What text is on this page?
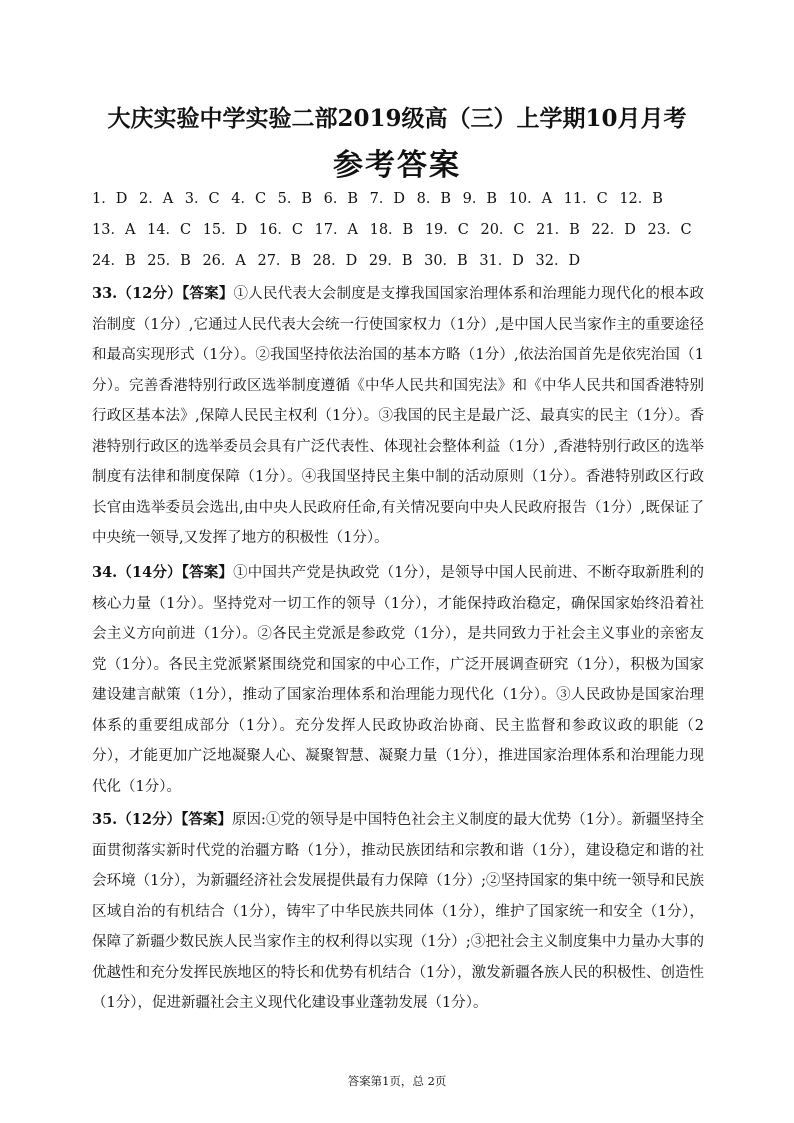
大庆实验中学实验二部2019级高（三）上学期10月月考
参考答案
1．D 2．A 3．C 4．C 5．B 6．B 7．D 8．B 9．B 10．A 11．C 12．B
13．A 14．C 15．D 16．C 17．A 18．B 19．C 20．C 21．B 22．D 23．C
24．B 25．B 26．A 27．B 28．D 29．B 30．B 31．D 32．D
33.（12分）【答案】①人民代表大会制度是支撑我国国家治理体系和治理能力现代化的根本政治制度（1分）,它通过人民代表大会统一行使国家权力（1分）,是中国人民当家作主的重要途径和最高实现形式（1分）。②我国坚持依法治国的基本方略（1分）,依法治国首先是依宪治国（1分）。完善香港特别行政区选举制度遵循《中华人民共和国宪法》和《中华人民共和国香港特别行政区基本法》,保障人民民主权利（1分）。③我国的民主是最广泛、最真实的民主（1分）。香港特别行政区的选举委员会具有广泛代表性、体现社会整体利益（1分）,香港特别行政区的选举制度有法律和制度保障（1分）。④我国坚持民主集中制的活动原则（1分）。香港特别政区行政长官由选举委员会选出,由中央人民政府任命,有关情况要向中央人民政府报告（1分）,既保证了中央统一领导,又发挥了地方的积极性（1分）。
34.（14分）【答案】①中国共产党是执政党（1分），是领导中国人民前进、不断夺取新胜利的核心力量（1分）。坚持党对一切工作的领导（1分），才能保持政治稳定，确保国家始终沿着社会主义方向前进（1分）。②各民主党派是参政党（1分），是共同致力于社会主义事业的亲密友党（1分）。各民主党派紧紧围绕党和国家的中心工作，广泛开展调查研究（1分），积极为国家建设建言献策（1分），推动了国家治理体系和治理能力现代化（1分）。③人民政协是国家治理体系的重要组成部分（1分）。充分发挥人民政协政治协商、民主监督和参政议政的职能（2分），才能更加广泛地凝聚人心、凝聚智慧、凝聚力量（1分），推进国家治理体系和治理能力现代化（1分）。
35.（12分）【答案】原因:①党的领导是中国特色社会主义制度的最大优势（1分）。新疆坚持全面贯彻落实新时代党的治疆方略（1分），推动民族团结和宗教和谐（1分），建设稳定和谐的社会环境（1分），为新疆经济社会发展提供最有力保障（1分）;②坚持国家的集中统一领导和民族区域自治的有机结合（1分），铸牢了中华民族共同体（1分），维护了国家统一和安全（1分），保障了新疆少数民族人民当家作主的权利得以实现（1分）;③把社会主义制度集中力量办大事的优越性和充分发挥民族地区的特长和优势有机结合（1分），激发新疆各族人民的积极性、创造性（1分），促进新疆社会主义现代化建设事业蓬勃发展（1分）。
答案第1页，总 2页
